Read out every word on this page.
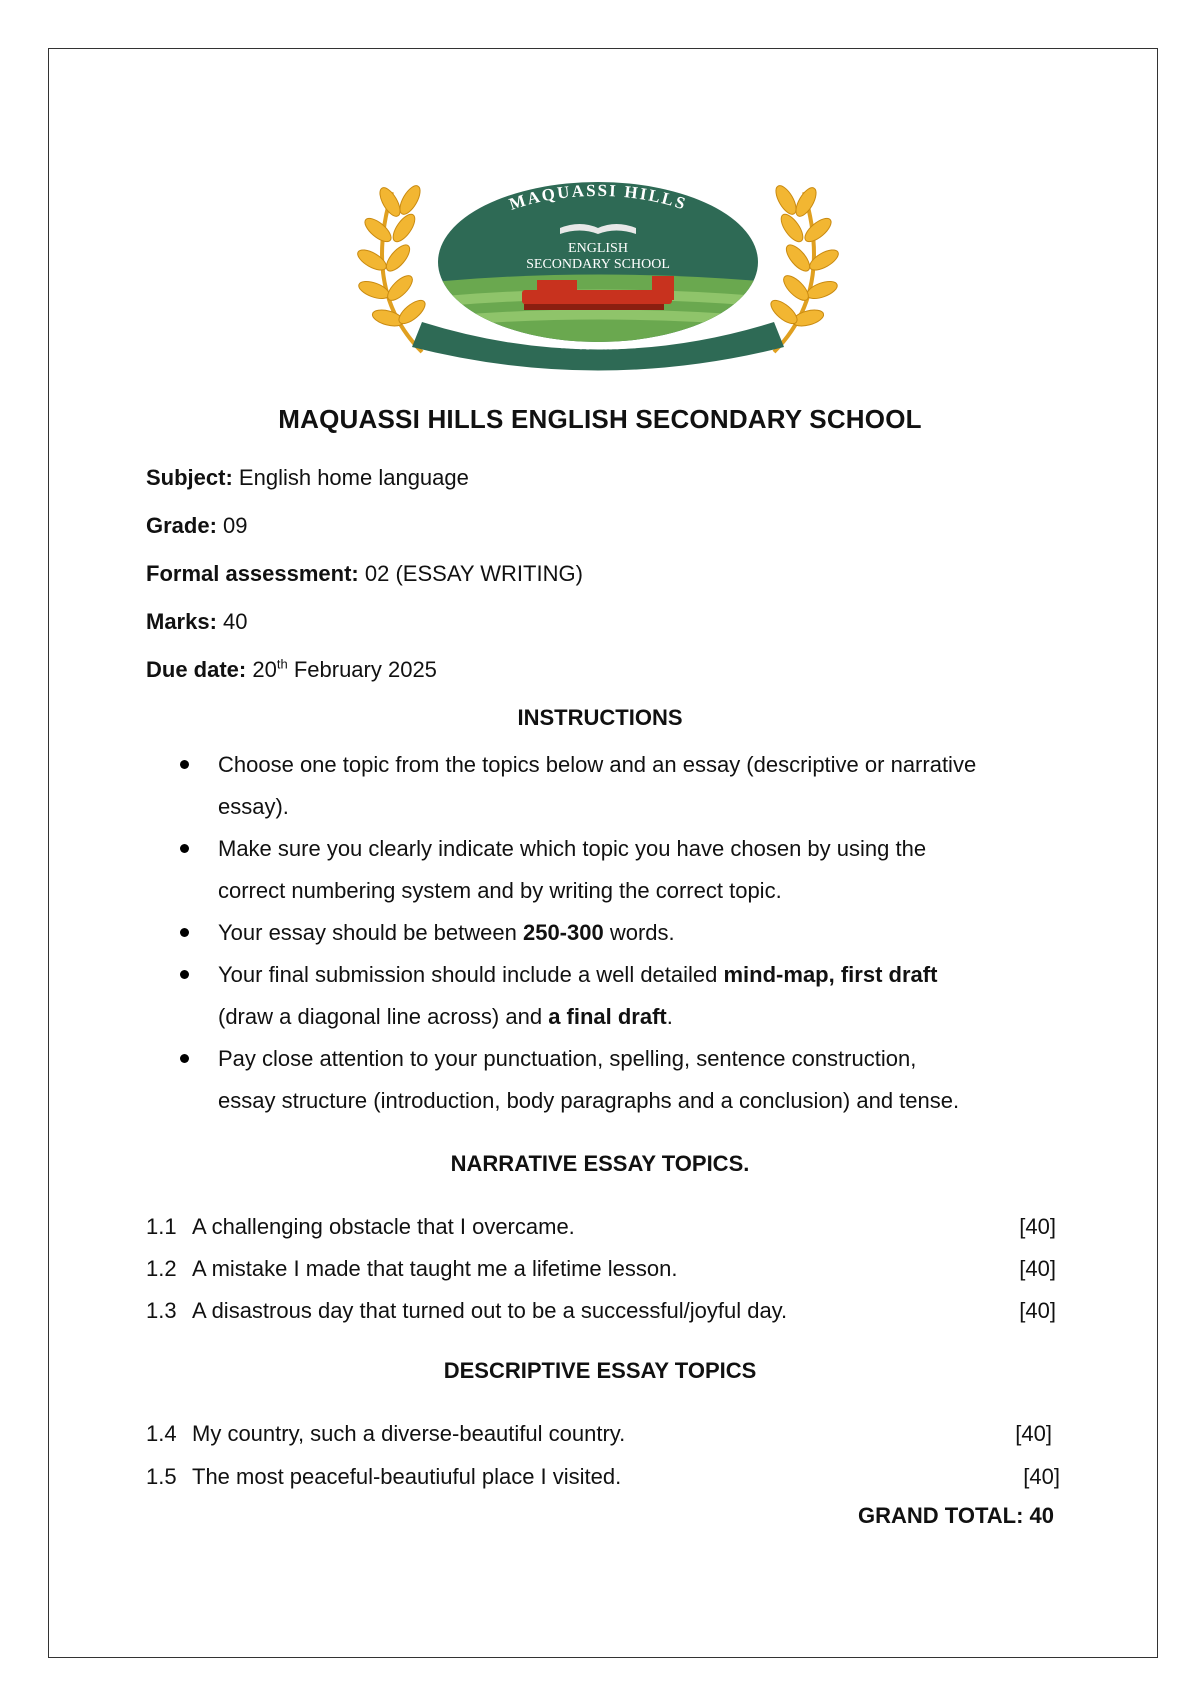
MAQUASSI HILLS
ENGLISH
SECONDARY SCHOOL
ESSENCE OF EXCELLENCE
MAQUASSI HILLS ENGLISH SECONDARY SCHOOL
Subject: English home language
Grade: 09
Formal assessment: 02 (ESSAY WRITING)
Marks: 40
Due date: 20th February 2025
INSTRUCTIONS
Choose one topic from the topics below and an essay (descriptive or narrative
essay).
Make sure you clearly indicate which topic you have chosen by using the
correct numbering system and by writing the correct topic.
Your essay should be between 250-300 words.
Your final submission should include a well detailed mind-map, first draft
(draw a diagonal line across) and a final draft.
Pay close attention to your punctuation, spelling, sentence construction,
essay structure (introduction, body paragraphs and a conclusion) and tense.
NARRATIVE ESSAY TOPICS.
1.1 A challenging obstacle that I overcame.	[40]
1.2 A mistake I made that taught me a lifetime lesson.	[40]
1.3 A disastrous day that turned out to be a successful/joyful day.	[40]
DESCRIPTIVE ESSAY TOPICS
1.4 My country, such a diverse-beautiful country.	[40]
1.5 The most peaceful-beautiuful place I visited.	[40]
GRAND TOTAL: 40
